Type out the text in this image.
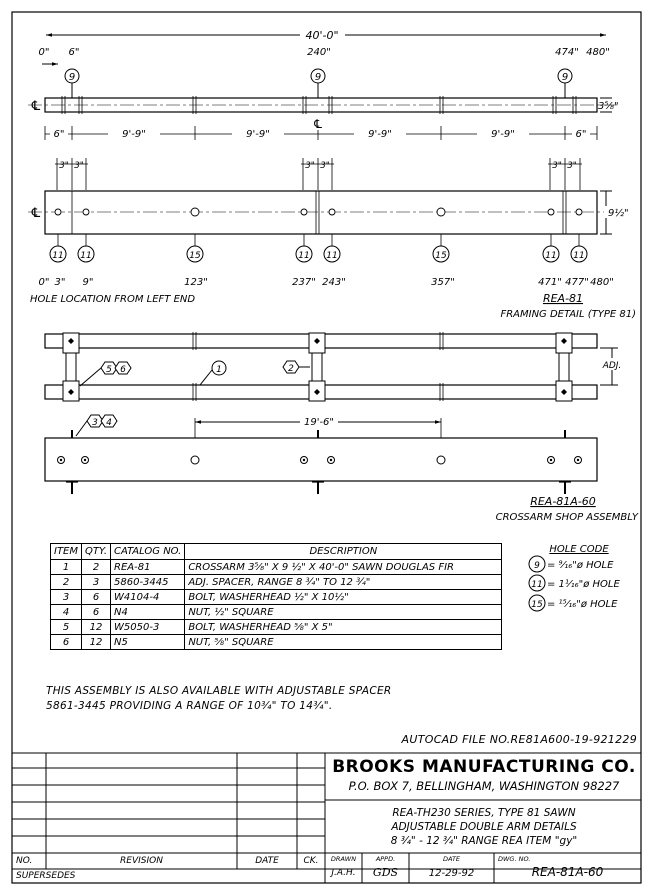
40'-0"
0" 6"	240"	474" 480"
9	9	9
℄
℄
3⁵⁄₈"
6"	9'-9"	9'-9"	9'-9"	9'-9"	6"
3" 3"	3" 3"	3" 3"
℄	9½"
11 11	15	11 11	15	11 11
0" 3" 9"	123"	237" 243"	357"	471" 477" 480"
HOLE LOCATION FROM LEFT END	REA-81
FRAMING DETAIL (TYPE 81)
5 6	1	2	ADJ.
19'-6"
3 4
REA-81A-60
CROSSARM SHOP ASSEMBLY
HOLE CODE
9 = ⁹⁄₁₆"ø HOLE
11 = 1¹⁄₁₆"ø HOLE
15 = ¹⁵⁄₁₆"ø HOLE
ITEM	QTY.	CATALOG NO.	DESCRIPTION
1	2	REA-81	CROSSARM 3⁵⁄₈" X 9 ½" X 40'-0" SAWN DOUGLAS FIR
2	3	5860-3445	ADJ. SPACER, RANGE 8 ¾" TO 12 ¾"
3	6	W4104-4	BOLT, WASHERHEAD ½" X 10½"
4	6	N4	NUT, ½" SQUARE
5	12	W5050-3	BOLT, WASHERHEAD ⅝" X 5"
6	12	N5	NUT, ⅝" SQUARE
THIS ASSEMBLY IS ALSO AVAILABLE WITH ADJUSTABLE SPACER
5861-3445 PROVIDING A RANGE OF 10¾" TO 14¾".
AUTOCAD FILE NO.RE81A600-19-921229
BROOKS MANUFACTURING CO.
P.O. BOX 7, BELLINGHAM, WASHINGTON 98227
REA-TH230 SERIES, TYPE 81 SAWN
ADJUSTABLE DOUBLE ARM DETAILS
8 ¾" - 12 ¾" RANGE REA ITEM "gy"
NO.	REVISION	DATE	CK.
SUPERSEDES
DRAWN
J.A.H.
APPD.
GDS
DATE
12-29-92
DWG. NO.
REA-81A-60
